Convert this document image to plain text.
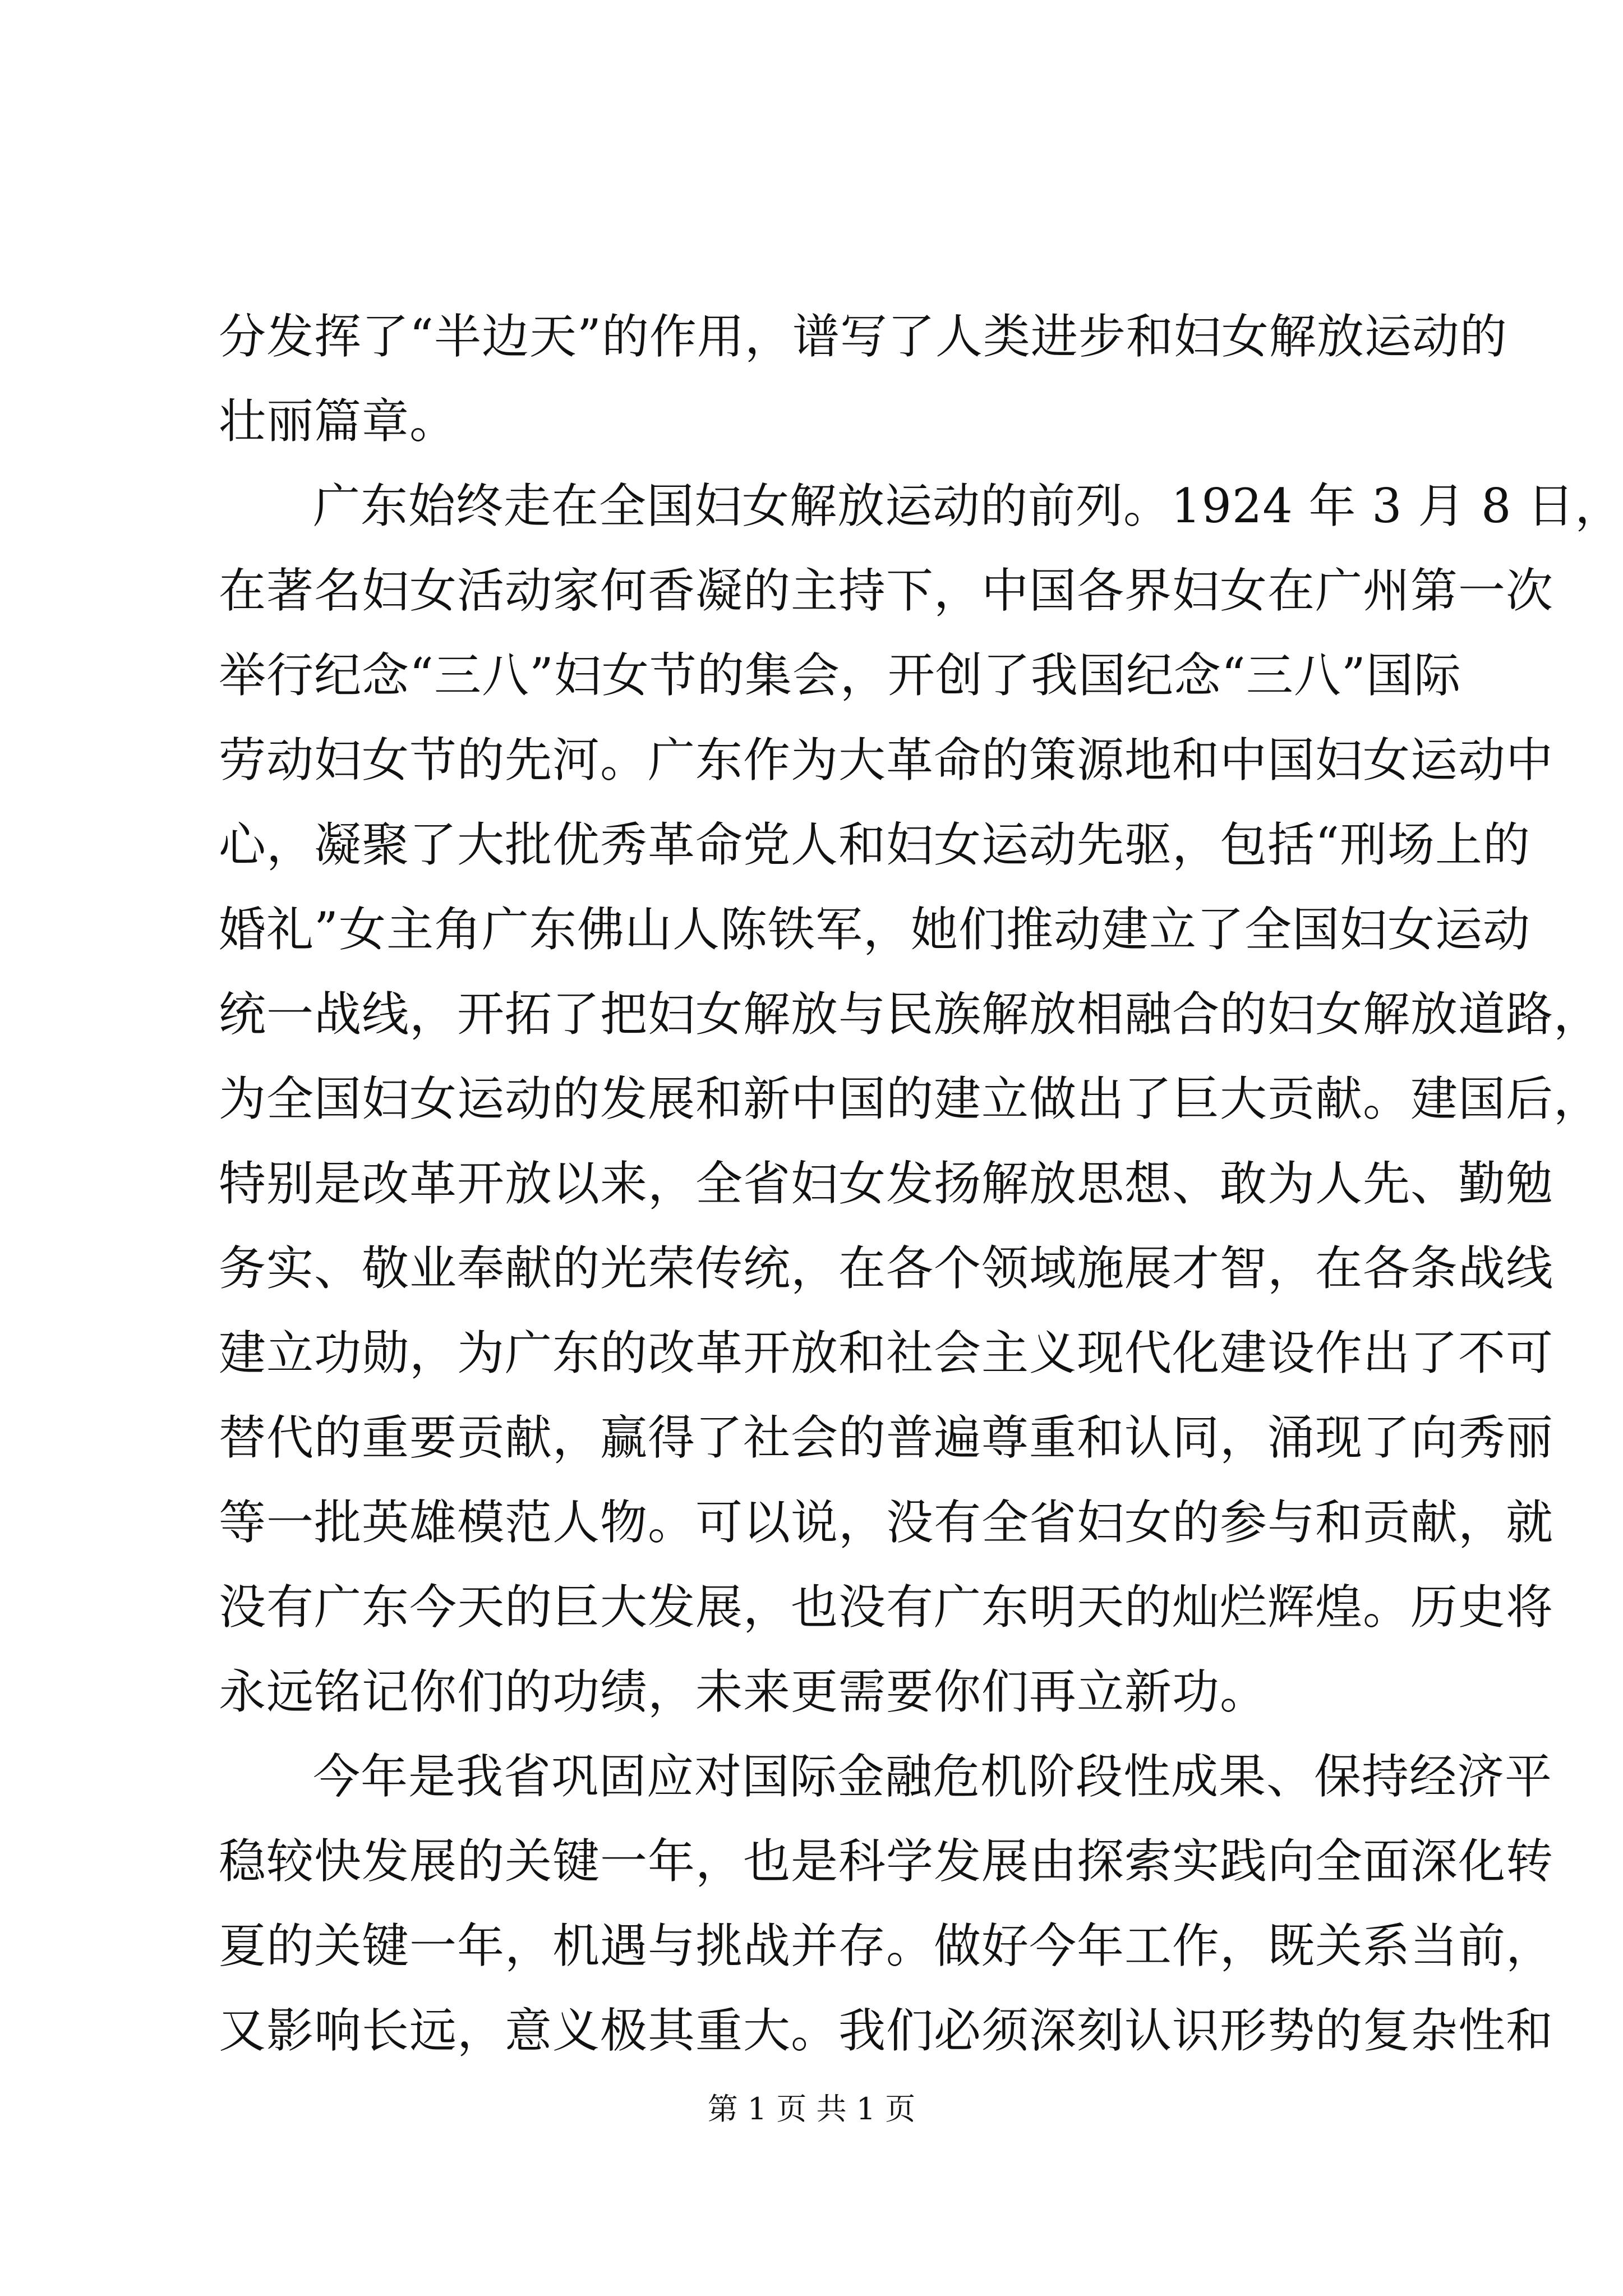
分发挥了“半边天”的作用，谱写了人类进步和妇女解放运动的
壮丽篇章。
广东始终走在全国妇女解放运动的前列。1924 年 3 月 8 日，
在著名妇女活动家何香凝的主持下，中国各界妇女在广州第一次
举行纪念“三八”妇女节的集会，开创了我国纪念“三八”国际
劳动妇女节的先河。广东作为大革命的策源地和中国妇女运动中
心，凝聚了大批优秀革命党人和妇女运动先驱，包括“刑场上的
婚礼”女主角广东佛山人陈铁军，她们推动建立了全国妇女运动
统一战线，开拓了把妇女解放与民族解放相融合的妇女解放道路，
为全国妇女运动的发展和新中国的建立做出了巨大贡献。建国后，
特别是改革开放以来，全省妇女发扬解放思想、敢为人先、勤勉
务实、敬业奉献的光荣传统，在各个领域施展才智，在各条战线
建立功勋，为广东的改革开放和社会主义现代化建设作出了不可
替代的重要贡献，赢得了社会的普遍尊重和认同，涌现了向秀丽
等一批英雄模范人物。可以说，没有全省妇女的参与和贡献，就
没有广东今天的巨大发展，也没有广东明天的灿烂辉煌。历史将
永远铭记你们的功绩，未来更需要你们再立新功。
今年是我省巩固应对国际金融危机阶段性成果、保持经济平
稳较快发展的关键一年，也是科学发展由探索实践向全面深化转
夏的关键一年，机遇与挑战并存。做好今年工作，既关系当前，
又影响长远，意义极其重大。我们必须深刻认识形势的复杂性和
第 1 页 共 1 页
